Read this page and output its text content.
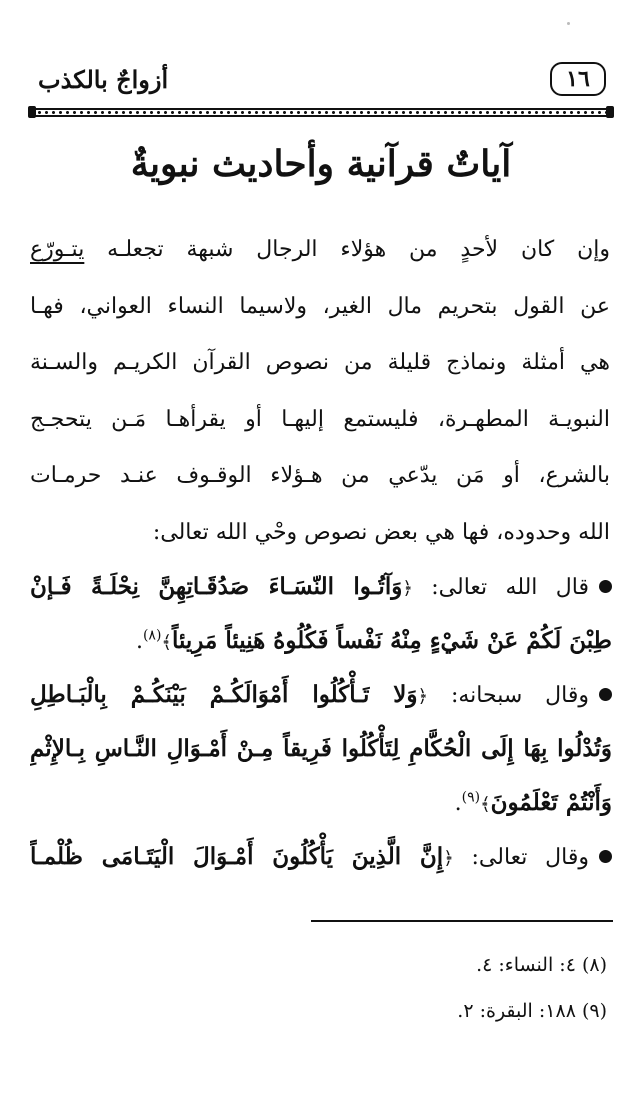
١٦
أزواجٌ بالكذب
آياتٌ قرآنية وأحاديث نبويةٌ
وإن كان لأحدٍ من هؤلاء الرجال شبهة تجعلـه يتـورّع
عن القول بتحريم مال الغير، ولاسيما النساء العواني، فهـا
هي أمثلة ونماذج قليلة من نصوص القرآن الكريـم والسـنة
النبويـة المطهـرة، فليستمع إليهـا أو يقرأهـا مَـن يتحجـج
بالشرع، أو مَن يدّعي من هـؤلاء الوقـوف عنـد حرمـات
الله وحدوده، فها هي بعض نصوص وحْي الله تعالى:
قال الله تعالى: ﴿وَآتُـوا النّسَـاءَ صَدُقَـاتِهِنَّ نِحْلَـةً فَـإنْ
طِبْنَ لَكُمْ عَنْ شَيْءٍ مِنْهُ نَفْساً فَكُلُوهُ هَنِيئاً مَرِيئاً﴾$^{(٨)}$.
وقال سبحانه: ﴿وَلا تَـأْكُلُوا أَمْوَالَكُـمْ بَيْنَكُـمْ بِالْبَـاطِلِ
وَتُدْلُوا بِهَا إِلَى الْحُكَّامِ لِتَأْكُلُوا فَرِيقاً مِـنْ أَمْـوَالِ النَّـاسِ بِـالإِثْمِ
وَأَنْتُمْ تَعْلَمُونَ﴾$^{(٩)}$.
وقال تعالى: ﴿إِنَّ الَّذِينَ يَأْكُلُونَ أَمْـوَالَ الْيَتَـامَى ظُلْمـاً
(٨) ٤: النساء: ٤.
(٩) ١٨٨: البقرة: ٢.
